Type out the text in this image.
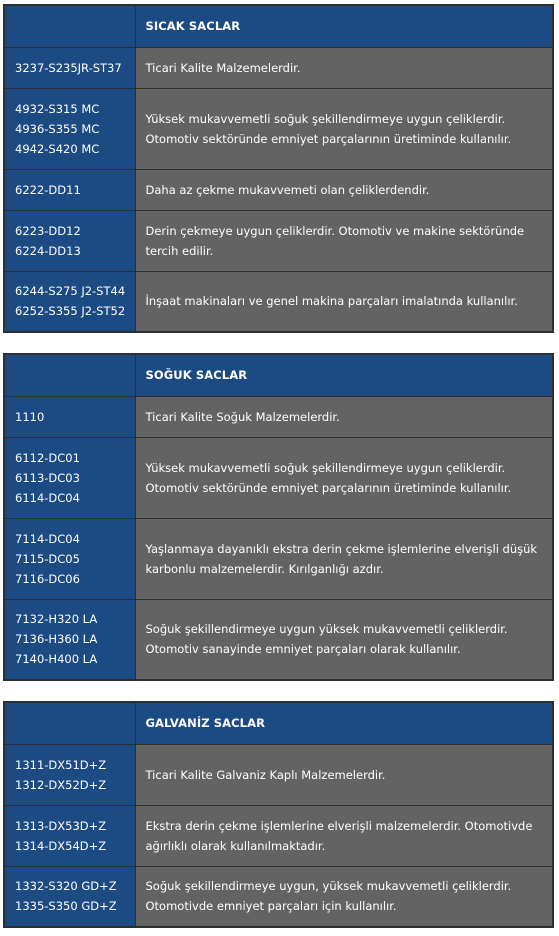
	SICAK SACLAR

3237-S235JR-ST37	Ticari Kalite Malzemelerdir.

4932-S315 MC
4936-S355 MC
4942-S420 MC	Yüksek mukavvemetli soğuk şekillendirmeye uygun çeliklerdir.
Otomotiv sektöründe emniyet parçalarının üretiminde kullanılır.

6222-DD11	Daha az çekme mukavvemeti olan çeliklerdendir.

6223-DD12
6224-DD13	Derin çekmeye uygun çeliklerdir. Otomotiv ve makine sektöründe
tercih edilir.

6244-S275 J2-ST44
6252-S355 J2-ST52	İnşaat makinaları ve genel makina parçaları imalatında kullanılır.
	SOĞUK SACLAR

1110	Ticari Kalite Soğuk Malzemelerdir.

6112-DC01
6113-DC03
6114-DC04	Yüksek mukavvemetli soğuk şekillendirmeye uygun çeliklerdir.
Otomotiv sektöründe emniyet parçalarının üretiminde kullanılır.

7114-DC04
7115-DC05
7116-DC06	Yaşlanmaya dayanıklı ekstra derin çekme işlemlerine elverişli düşük
karbonlu malzemelerdir. Kırılganlığı azdır.

7132-H320 LA
7136-H360 LA
7140-H400 LA	Soğuk şekillendirmeye uygun yüksek mukavvemetli çeliklerdir.
Otomotiv sanayinde emniyet parçaları olarak kullanılır.
	GALVANİZ SACLAR

1311-DX51D+Z
1312-DX52D+Z	Ticari Kalite Galvaniz Kaplı Malzemelerdir.

1313-DX53D+Z
1314-DX54D+Z	Ekstra derin çekme işlemlerine elverişli malzemelerdir. Otomotivde
ağırlıklı olarak kullanılmaktadır.

1332-S320 GD+Z
1335-S350 GD+Z	Soğuk şekillendirmeye uygun, yüksek mukavvemetli çeliklerdir.
Otomotivde emniyet parçaları için kullanılır.
